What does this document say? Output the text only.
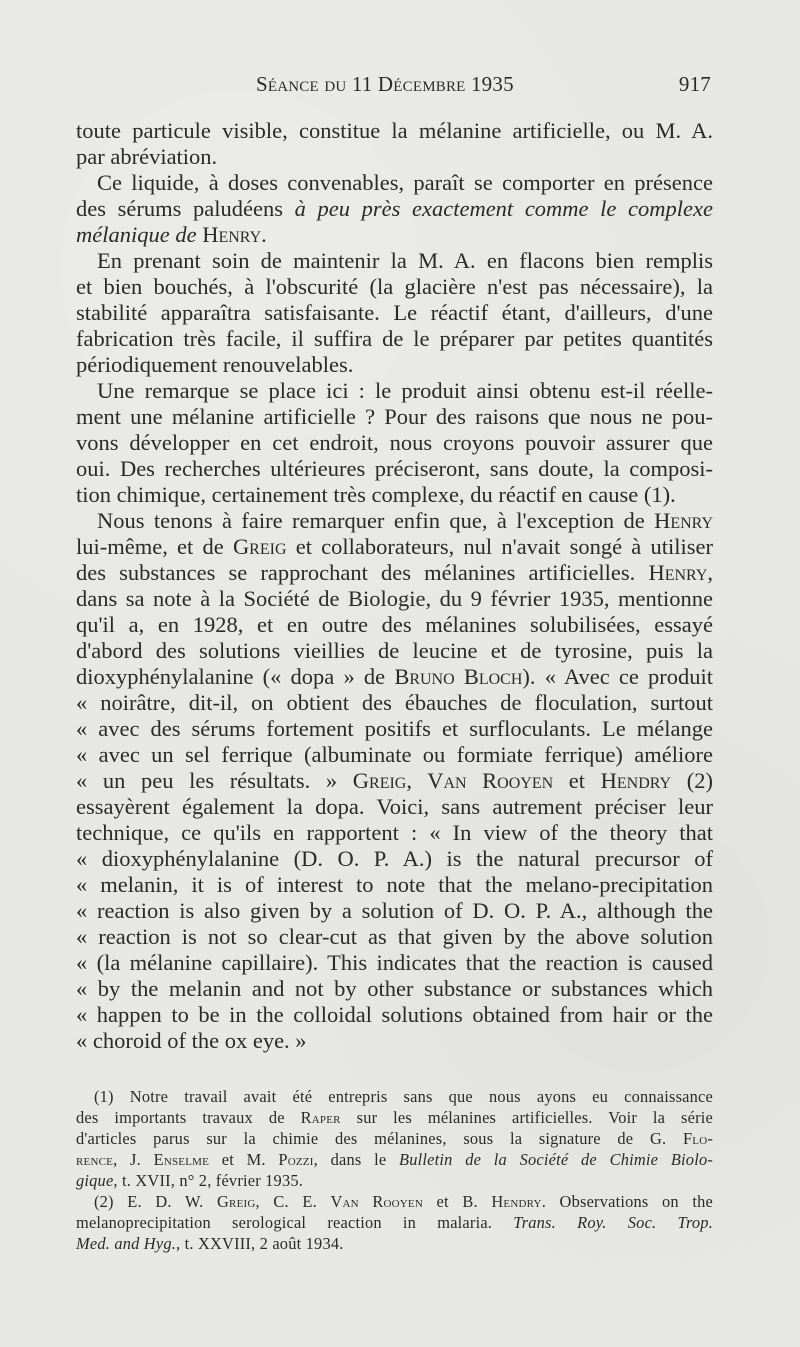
Séance du 11 Décembre 1935	917
toute particule visible, constitue la mélanine artificielle, ou M. A.
par abréviation.
Ce liquide, à doses convenables, paraît se comporter en présence
des sérums paludéens à peu près exactement comme le complexe
mélanique de Henry.
En prenant soin de maintenir la M. A. en flacons bien remplis
et bien bouchés, à l'obscurité (la glacière n'est pas nécessaire), la
stabilité apparaîtra satisfaisante. Le réactif étant, d'ailleurs, d'une
fabrication très facile, il suffira de le préparer par petites quantités
périodiquement renouvelables.
Une remarque se place ici : le produit ainsi obtenu est-il réelle-
ment une mélanine artificielle ? Pour des raisons que nous ne pou-
vons développer en cet endroit, nous croyons pouvoir assurer que
oui. Des recherches ultérieures préciseront, sans doute, la composi-
tion chimique, certainement très complexe, du réactif en cause (1).
Nous tenons à faire remarquer enfin que, à l'exception de Henry
lui-même, et de Greig et collaborateurs, nul n'avait songé à utiliser
des substances se rapprochant des mélanines artificielles. Henry,
dans sa note à la Société de Biologie, du 9 février 1935, mentionne
qu'il a, en 1928, et en outre des mélanines solubilisées, essayé
d'abord des solutions vieillies de leucine et de tyrosine, puis la
dioxyphénylalanine (« dopa » de Bruno Bloch). « Avec ce produit
« noirâtre, dit-il, on obtient des ébauches de floculation, surtout
« avec des sérums fortement positifs et surfloculants. Le mélange
« avec un sel ferrique (albuminate ou formiate ferrique) améliore
« un peu les résultats. » Greig, Van Rooyen et Hendry (2)
essayèrent également la dopa. Voici, sans autrement préciser leur
technique, ce qu'ils en rapportent : « In view of the theory that
« dioxyphénylalanine (D. O. P. A.) is the natural precursor of
« melanin, it is of interest to note that the melano-precipitation
« reaction is also given by a solution of D. O. P. A., although the
« reaction is not so clear-cut as that given by the above solution
« (la mélanine capillaire). This indicates that the reaction is caused
« by the melanin and not by other substance or substances which
« happen to be in the colloidal solutions obtained from hair or the
« choroid of the ox eye. »
(1) Notre travail avait été entrepris sans que nous ayons eu connaissance
des importants travaux de Raper sur les mélanines artificielles. Voir la série
d'articles parus sur la chimie des mélanines, sous la signature de G. Flo-
rence, J. Enselme et M. Pozzi, dans le Bulletin de la Société de Chimie Biolo-
gique, t. XVII, n° 2, février 1935.
(2) E. D. W. Greig, C. E. Van Rooyen et B. Hendry. Observations on the
melanoprecipitation serological reaction in malaria. Trans. Roy. Soc. Trop.
Med. and Hyg., t. XXVIII, 2 août 1934.
